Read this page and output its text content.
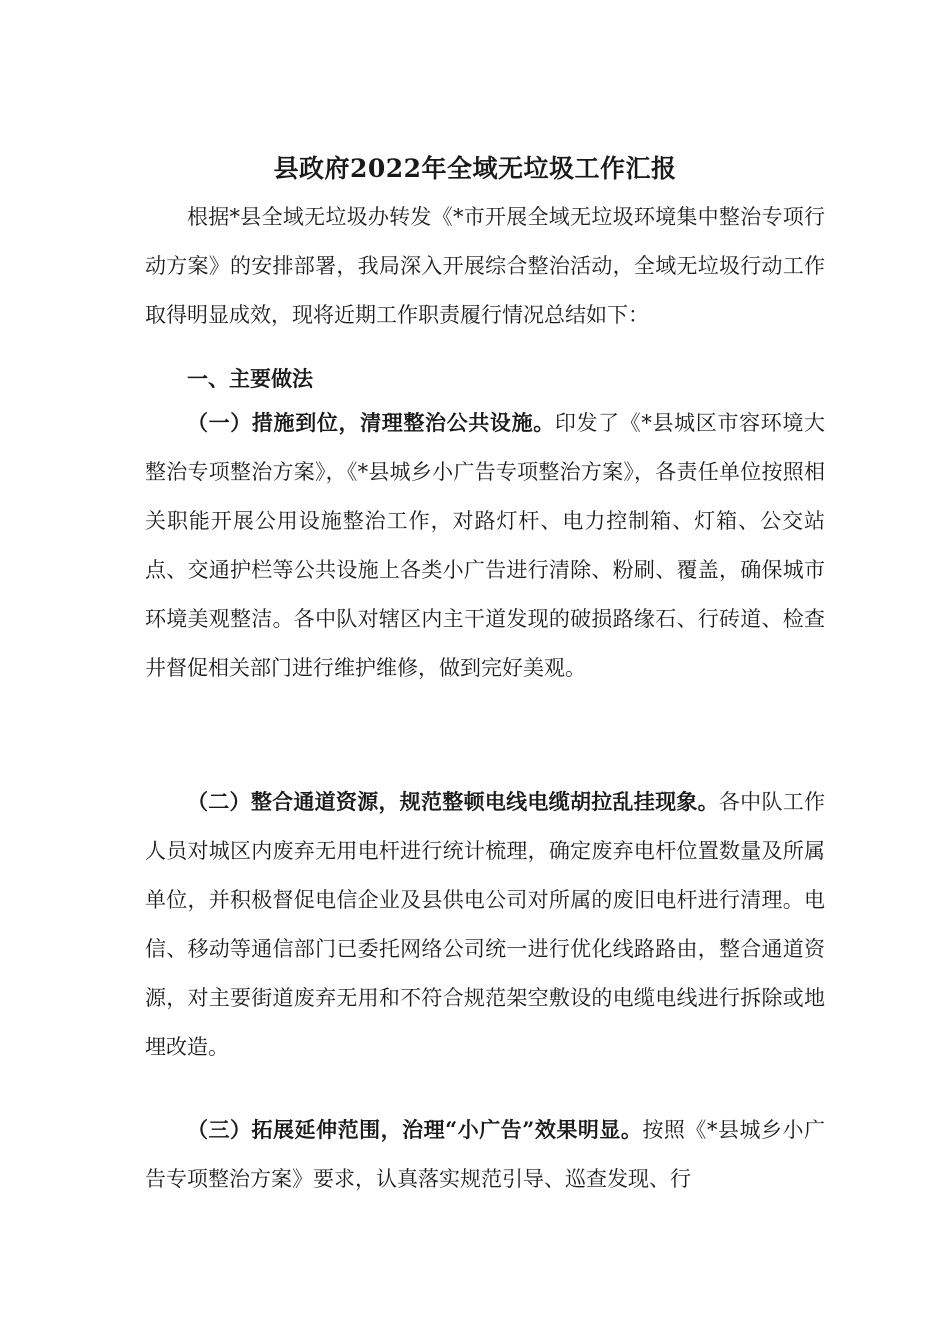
县政府2022年全域无垃圾工作汇报

根据*县全域无垃圾办转发《*市开展全域无垃圾环境集中整治专项行动方案》的安排部署，我局深入开展综合整治活动，全域无垃圾行动工作取得明显成效，现将近期工作职责履行情况总结如下：

一、主要做法

（一）措施到位，清理整治公共设施。印发了《*县城区市容环境大整治专项整治方案》，《*县城乡小广告专项整治方案》，各责任单位按照相关职能开展公用设施整治工作，对路灯杆、电力控制箱、灯箱、公交站点、交通护栏等公共设施上各类小广告进行清除、粉刷、覆盖，确保城市环境美观整洁。各中队对辖区内主干道发现的破损路缘石、行砖道、检查井督促相关部门进行维护维修，做到完好美观。

（二）整合通道资源，规范整顿电线电缆胡拉乱挂现象。各中队工作人员对城区内废弃无用电杆进行统计梳理，确定废弃电杆位置数量及所属单位，并积极督促电信企业及县供电公司对所属的废旧电杆进行清理。电信、移动等通信部门已委托网络公司统一进行优化线路路由，整合通道资源，对主要街道废弃无用和不符合规范架空敷设的电缆电线进行拆除或地埋改造。

（三）拓展延伸范围，治理“小广告”效果明显。按照《*县城乡小广告专项整治方案》要求，认真落实规范引导、巡查发现、行
